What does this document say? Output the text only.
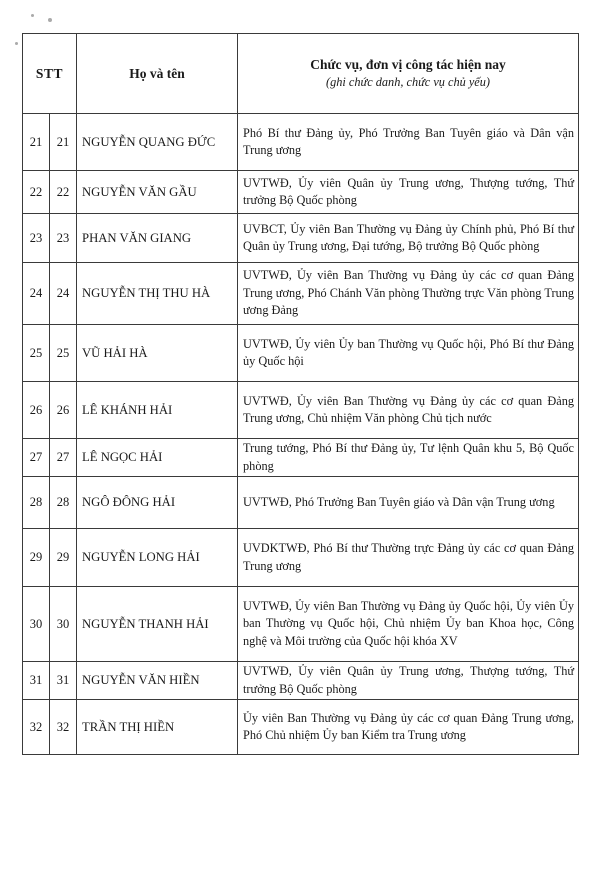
STT		Họ và tên	Chức vụ, đơn vị công tác hiện nay
(ghi chức danh, chức vụ chủ yếu)

21	21	NGUYỄN QUANG ĐỨC	Phó Bí thư Đảng ủy, Phó Trưởng Ban Tuyên giáo và Dân vận Trung ương

22	22	NGUYỄN VĂN GẦU	UVTWĐ, Ủy viên Quân ủy Trung ương, Thượng tướng, Thứ trưởng Bộ Quốc phòng

23	23	PHAN VĂN GIANG	UVBCT, Ủy viên Ban Thường vụ Đảng ủy Chính phủ, Phó Bí thư Quân ủy Trung ương, Đại tướng, Bộ trưởng Bộ Quốc phòng

24	24	NGUYỄN THỊ THU HÀ	UVTWĐ, Ủy viên Ban Thường vụ Đảng ủy các cơ quan Đảng Trung ương, Phó Chánh Văn phòng Thường trực Văn phòng Trung ương Đảng

25	25	VŨ HẢI HÀ	UVTWĐ, Ủy viên Ủy ban Thường vụ Quốc hội, Phó Bí thư Đảng ủy Quốc hội

26	26	LÊ KHÁNH HẢI	UVTWĐ, Ủy viên Ban Thường vụ Đảng ủy các cơ quan Đảng Trung ương, Chủ nhiệm Văn phòng Chủ tịch nước

27	27	LÊ NGỌC HẢI	Trung tướng, Phó Bí thư Đảng ủy, Tư lệnh Quân khu 5, Bộ Quốc phòng

28	28	NGÔ ĐÔNG HẢI	UVTWĐ, Phó Trưởng Ban Tuyên giáo và Dân vận Trung ương

29	29	NGUYỄN LONG HẢI	UVDKTWĐ, Phó Bí thư Thường trực Đảng ủy các cơ quan Đảng Trung ương

30	30	NGUYỄN THANH HẢI	UVTWĐ, Ủy viên Ban Thường vụ Đảng ủy Quốc hội, Ủy viên Ủy ban Thường vụ Quốc hội, Chủ nhiệm Ủy ban Khoa học, Công nghệ và Môi trường của Quốc hội khóa XV

31	31	NGUYỄN VĂN HIỀN	UVTWĐ, Ủy viên Quân ủy Trung ương, Thượng tướng, Thứ trưởng Bộ Quốc phòng

32	32	TRẦN THỊ HIỀN	Ủy viên Ban Thường vụ Đảng ủy các cơ quan Đảng Trung ương, Phó Chủ nhiệm Ủy ban Kiểm tra Trung ương
